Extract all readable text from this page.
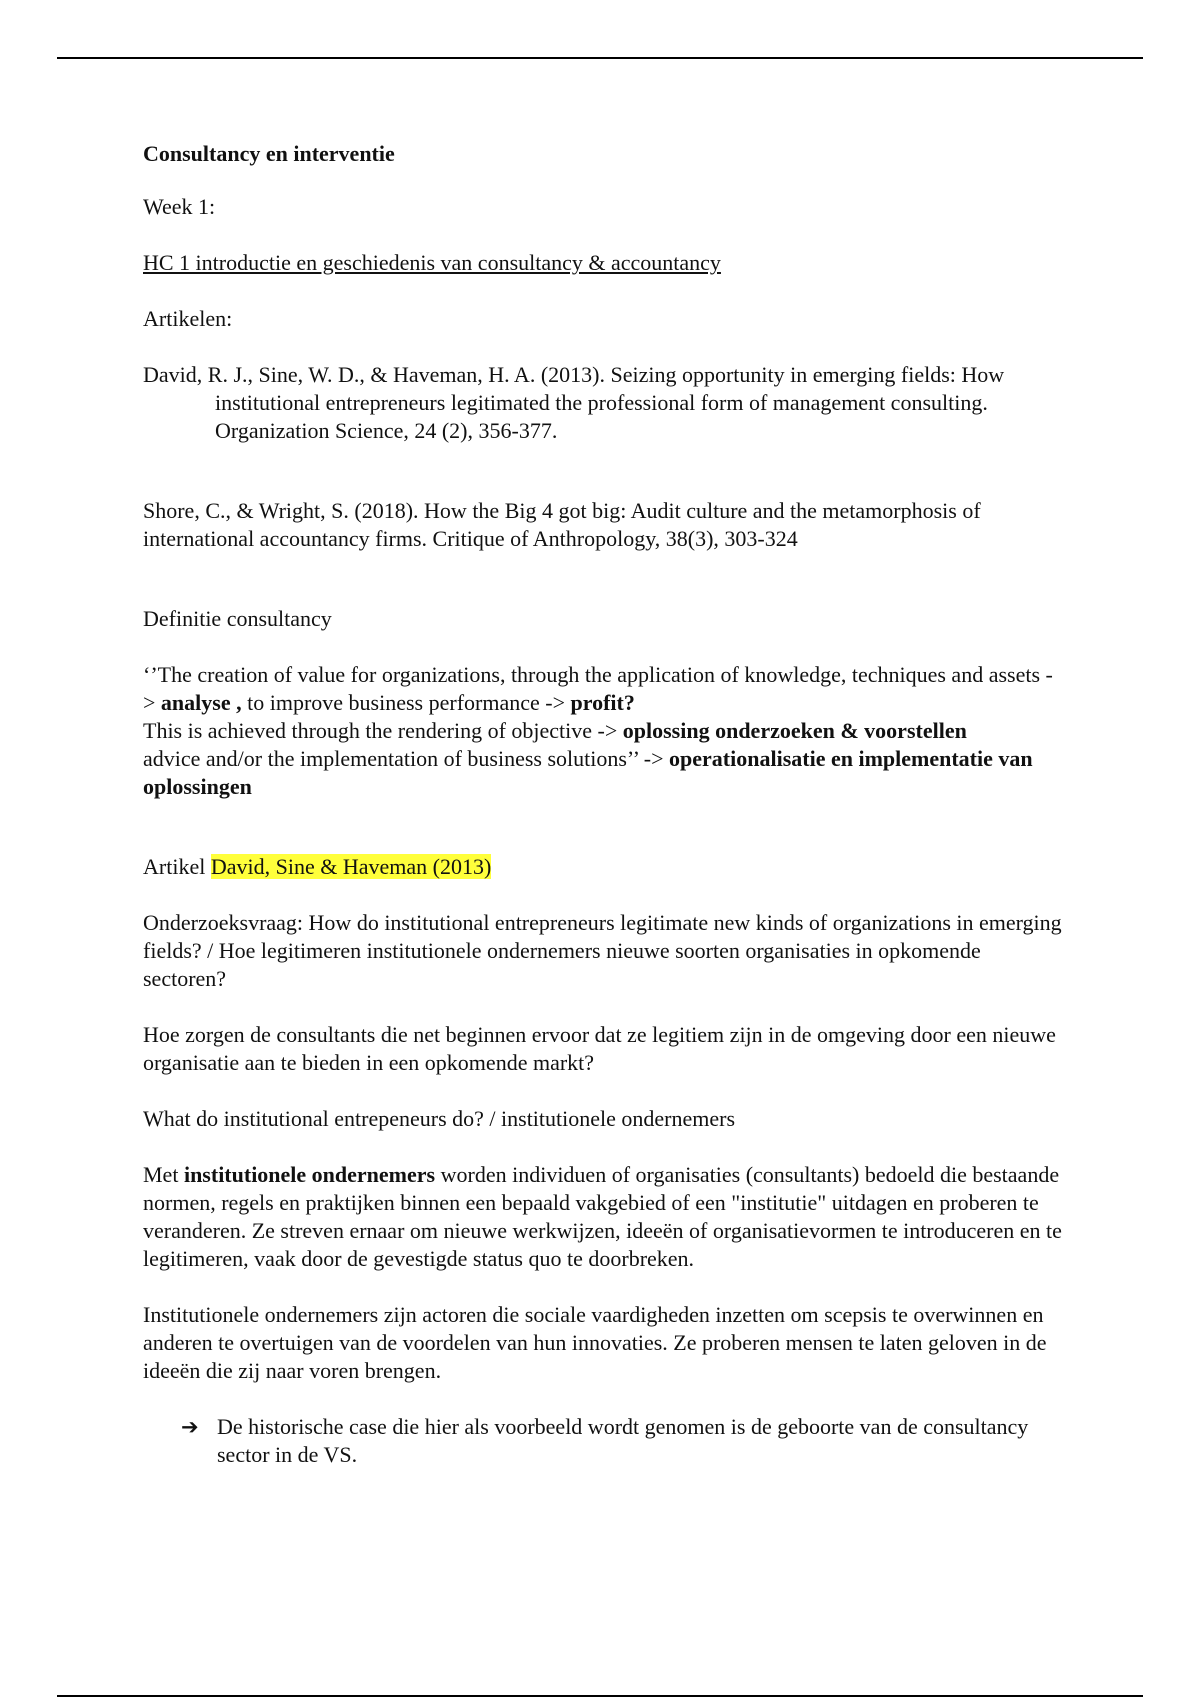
Consultancy en interventie

Week 1:

HC 1 introductie en geschiedenis van consultancy & accountancy

Artikelen:

David, R. J., Sine, W. D., & Haveman, H. A. (2013). Seizing opportunity in emerging fields: How institutional entrepreneurs legitimated the professional form of management consulting. Organization Science, 24 (2), 356-377.

Shore, C., & Wright, S. (2018). How the Big 4 got big: Audit culture and the metamorphosis of international accountancy firms. Critique of Anthropology, 38(3), 303-324

Definitie consultancy

‘’The creation of value for organizations, through the application of knowledge, techniques and assets -> analyse , to improve business performance -> profit?
This is achieved through the rendering of objective -> oplossing onderzoeken & voorstellen
advice and/or the implementation of business solutions’’ -> operationalisatie en implementatie van oplossingen

Artikel David, Sine & Haveman (2013)

Onderzoeksvraag: How do institutional entrepreneurs legitimate new kinds of organizations in emerging fields? / Hoe legitimeren institutionele ondernemers nieuwe soorten organisaties in opkomende sectoren?

Hoe zorgen de consultants die net beginnen ervoor dat ze legitiem zijn in de omgeving door een nieuwe organisatie aan te bieden in een opkomende markt?

What do institutional entrepeneurs do? / institutionele ondernemers

Met institutionele ondernemers worden individuen of organisaties (consultants) bedoeld die bestaande normen, regels en praktijken binnen een bepaald vakgebied of een "institutie" uitdagen en proberen te veranderen. Ze streven ernaar om nieuwe werkwijzen, ideeën of organisatievormen te introduceren en te legitimeren, vaak door de gevestigde status quo te doorbreken.

Institutionele ondernemers zijn actoren die sociale vaardigheden inzetten om scepsis te overwinnen en anderen te overtuigen van de voordelen van hun innovaties. Ze proberen mensen te laten geloven in de ideeën die zij naar voren brengen.

➔ De historische case die hier als voorbeeld wordt genomen is de geboorte van de consultancy sector in de VS.
